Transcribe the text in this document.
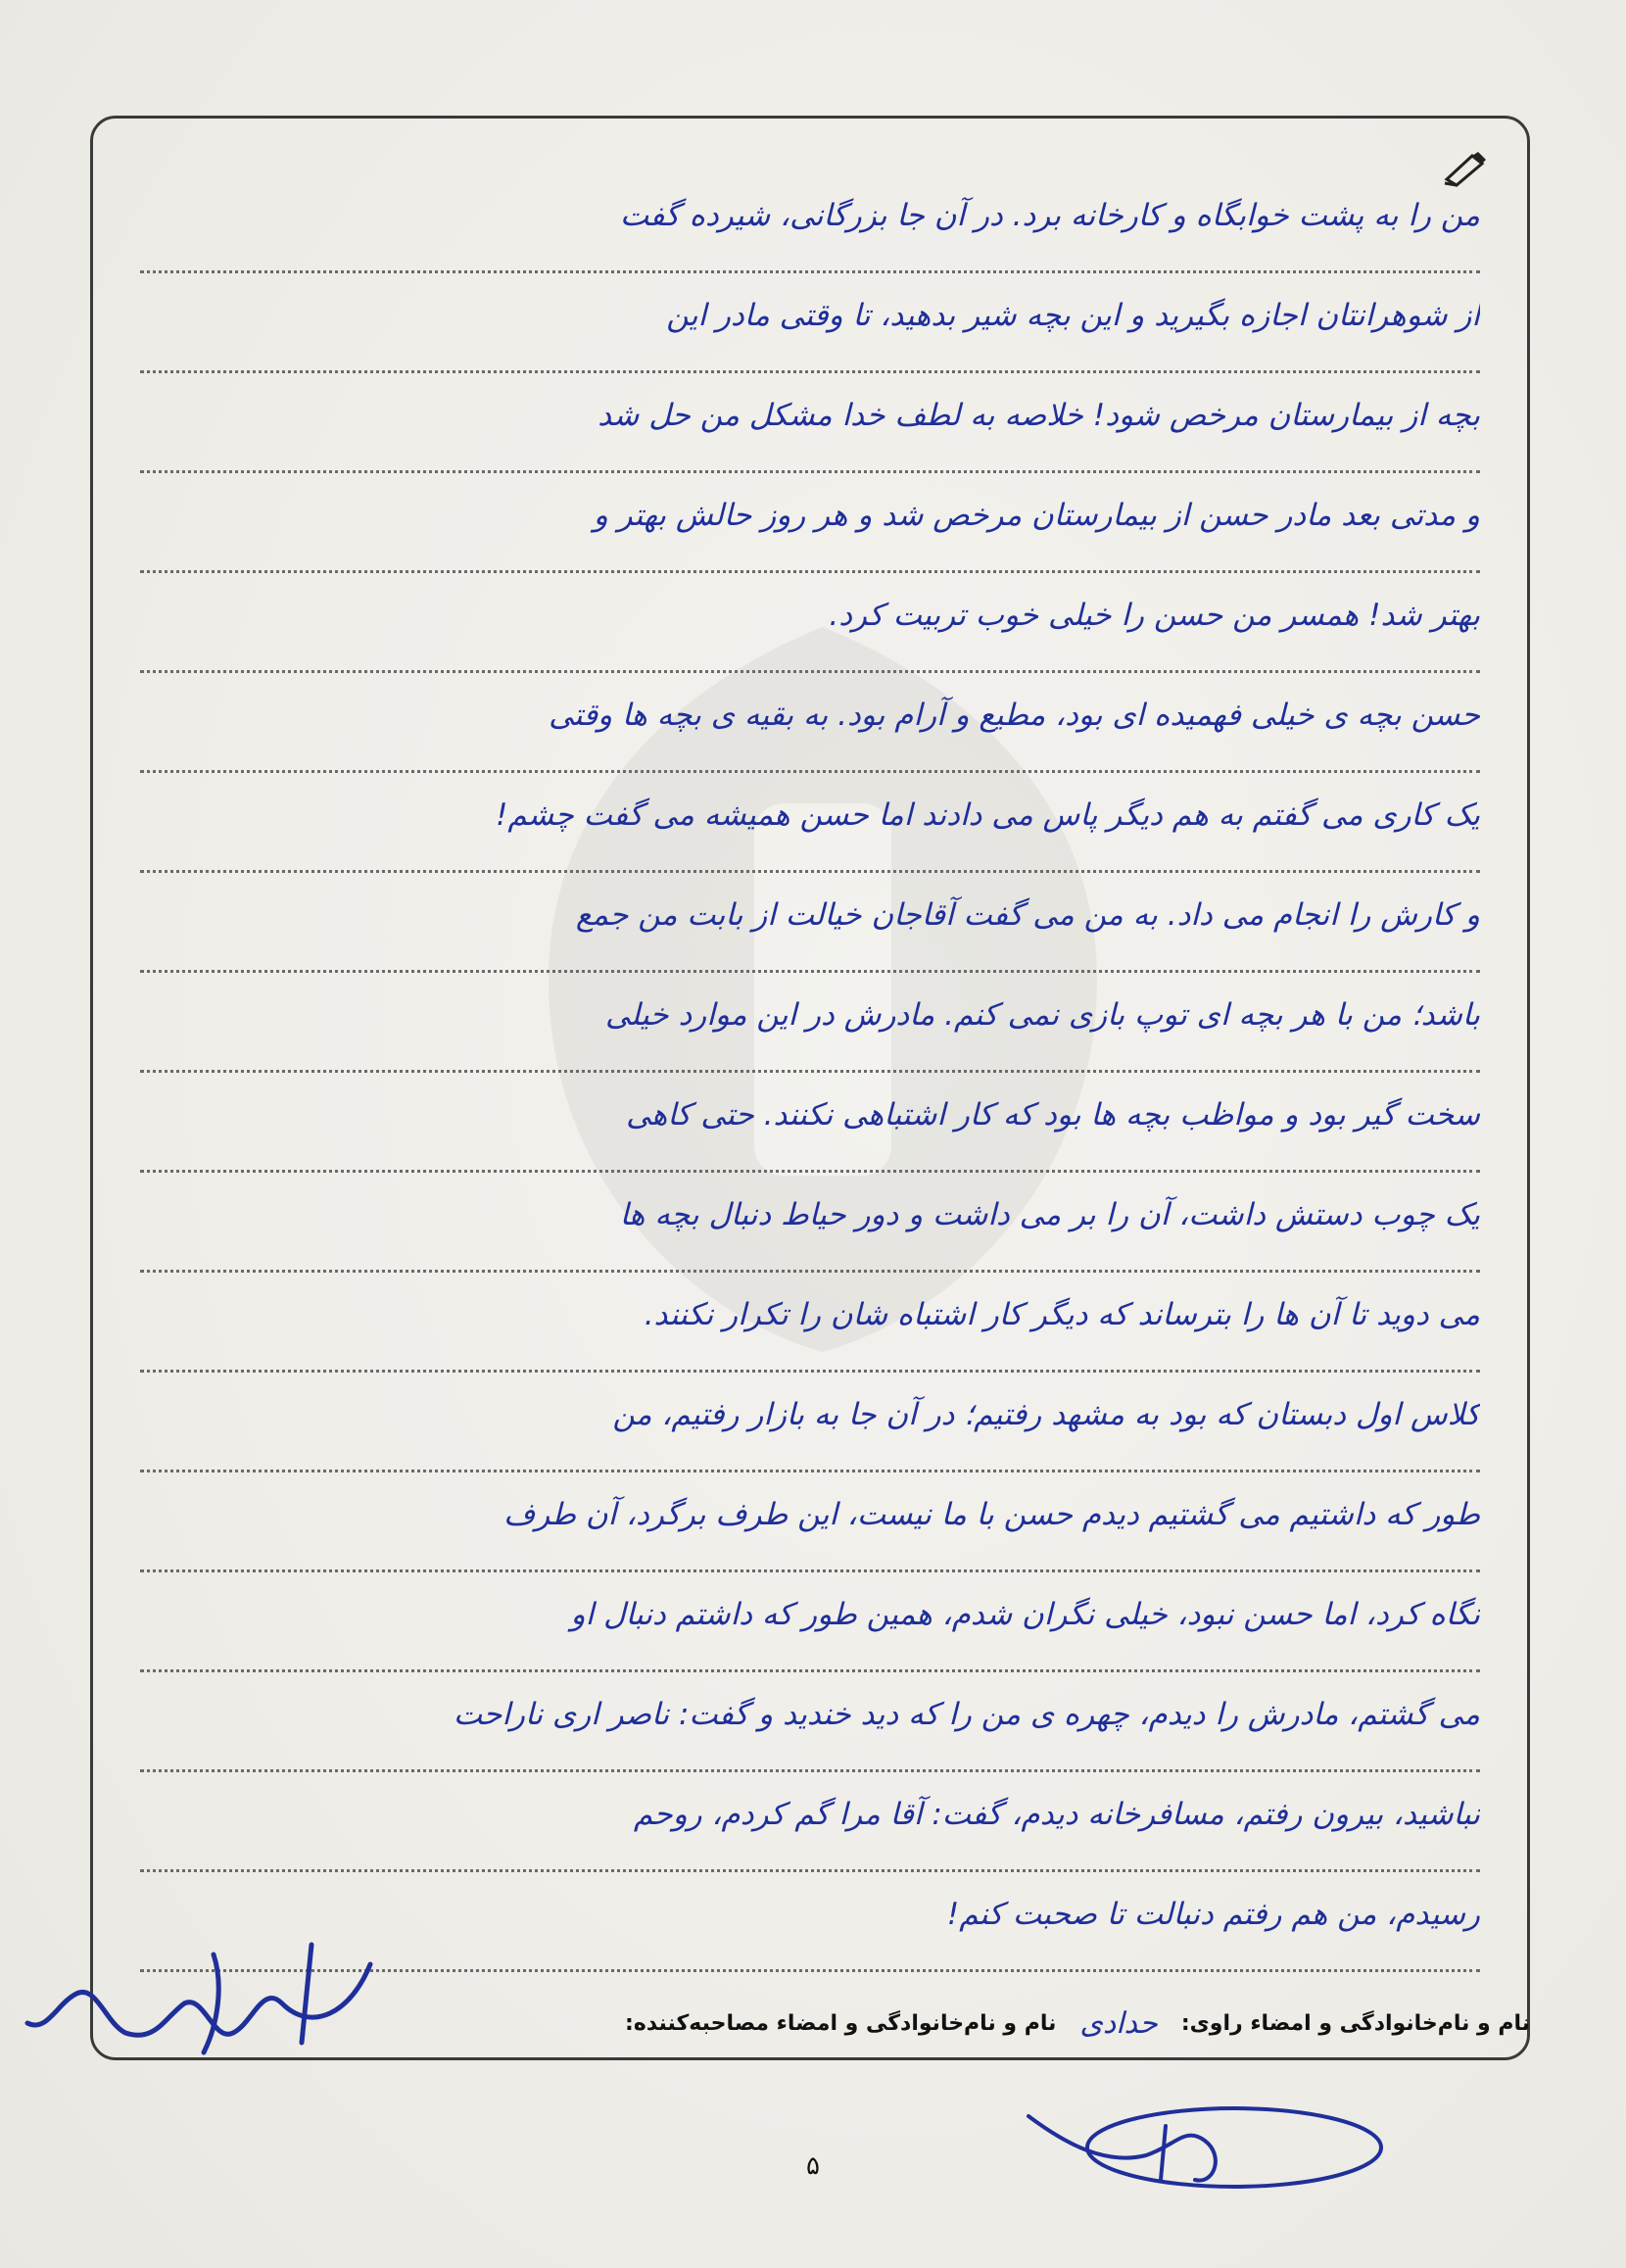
من را به پشت خوابگاه و کارخانه برد. در آن جا بزرگانی، شیرده گفت
از شوهرانتان اجازه بگیرید و این بچه شیر بدهید، تا وقتی مادر این
بچه از بیمارستان مرخص شود! خلاصه به لطف خدا مشکل من حل شد
و مدتی بعد مادر حسن از بیمارستان مرخص شد و هر روز حالش بهتر و
بهتر شد! همسر من حسن را خیلی خوب تربیت کرد.
حسن بچه ی خیلی فهمیده ای بود، مطیع و آرام بود. به بقیه ی بچه ها وقتی
یک کاری می گفتم به هم دیگر پاس می دادند اما حسن همیشه می گفت چشم!
و کارش را انجام می داد. به من می گفت آقاجان خیالت از بابت من جمع
باشد؛ من با هر بچه ای توپ بازی نمی کنم. مادرش در این موارد خیلی
سخت گیر بود و مواظب بچه ها بود که کار اشتباهی نکنند. حتی کاهی
یک چوب دستش داشت، آن را بر می داشت و دور حیاط دنبال بچه ها
می دوید تا آن ها را بترساند که دیگر کار اشتباه شان را تکرار نکنند.
کلاس اول دبستان که بود به مشهد رفتیم؛ در آن جا به بازار رفتیم، من
طور که داشتیم می گشتیم دیدم حسن با ما نیست، این طرف برگرد، آن طرف
نگاه کرد، اما حسن نبود، خیلی نگران شدم، همین طور که داشتم دنبال او
می گشتم، مادرش را دیدم، چهره ی من را که دید خندید و گفت: ناصر اری ناراحت
نباشید، بیرون رفتم، مسافرخانه دیدم، گفت: آقا مرا گم کردم، روحم
رسیدم، من هم رفتم دنبالت تا صحبت کنم!
نام و نام‌خانوادگی و امضاء راوی:
حدادی
نام و نام‌خانوادگی و امضاء مصاحبه‌کننده:
۵
